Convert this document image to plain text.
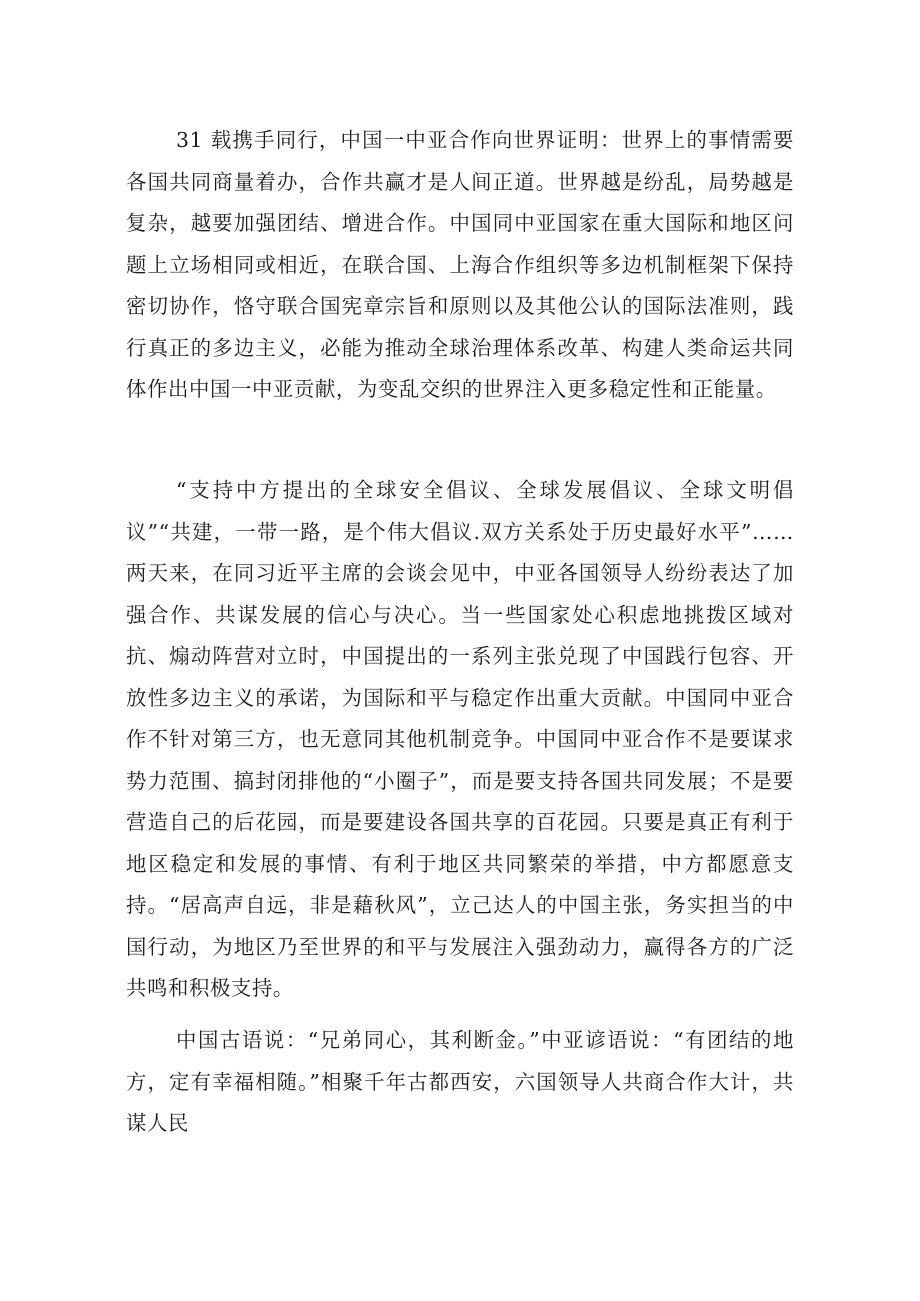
31 载携手同行，中国一中亚合作向世界证明：世界上的事情需要各国共同商量着办，合作共赢才是人间正道。世界越是纷乱，局势越是复杂，越要加强团结、增进合作。中国同中亚国家在重大国际和地区问题上立场相同或相近，在联合国、上海合作组织等多边机制框架下保持密切协作，恪守联合国宪章宗旨和原则以及其他公认的国际法准则，践行真正的多边主义，必能为推动全球治理体系改革、构建人类命运共同体作出中国一中亚贡献，为变乱交织的世界注入更多稳定性和正能量。

“支持中方提出的全球安全倡议、全球发展倡议、全球文明倡议”“共建，一带一路，是个伟大倡议.双方关系处于历史最好水平”……两天来，在同习近平主席的会谈会见中，中亚各国领导人纷纷表达了加强合作、共谋发展的信心与决心。当一些国家处心积虑地挑拨区域对抗、煽动阵营对立时，中国提出的一系列主张兑现了中国践行包容、开放性多边主义的承诺，为国际和平与稳定作出重大贡献。中国同中亚合作不针对第三方，也无意同其他机制竞争。中国同中亚合作不是要谋求势力范围、搞封闭排他的“小圈子”，而是要支持各国共同发展；不是要营造自己的后花园，而是要建设各国共享的百花园。只要是真正有利于地区稳定和发展的事情、有利于地区共同繁荣的举措，中方都愿意支持。“居高声自远，非是藉秋风”，立己达人的中国主张，务实担当的中国行动，为地区乃至世界的和平与发展注入强劲动力，赢得各方的广泛共鸣和积极支持。

中国古语说：“兄弟同心，其利断金。”中亚谚语说：“有团结的地方，定有幸福相随。”相聚千年古都西安，六国领导人共商合作大计，共谋人民
